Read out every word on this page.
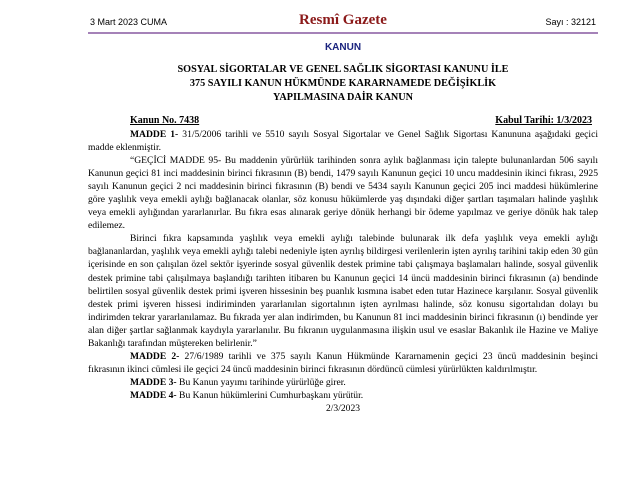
3 Mart 2023 CUMA	Resmî Gazete	Sayı : 32121
KANUN
SOSYAL SİGORTALAR VE GENEL SAĞLIK SİGORTASI KANUNU İLE
375 SAYILI KANUN HÜKMÜNDE KARARNAMEDE DEĞİŞİKLİK
YAPILMASINA DAİR KANUN
Kanun No. 7438	Kabul Tarihi: 1/3/2023

MADDE 1- 31/5/2006 tarihli ve 5510 sayılı Sosyal Sigortalar ve Genel Sağlık Sigortası Kanununa aşağıdaki geçici madde eklenmiştir.

“GEÇİCİ MADDE 95- Bu maddenin yürürlük tarihinden sonra aylık bağlanması için talepte bulunanlardan 506 sayılı Kanunun geçici 81 inci maddesinin birinci fıkrasının (B) bendi, 1479 sayılı Kanunun geçici 10 uncu maddesinin ikinci fıkrası, 2925 sayılı Kanunun geçici 2 nci maddesinin birinci fıkrasının (B) bendi ve 5434 sayılı Kanunun geçici 205 inci maddesi hükümlerine göre yaşlılık veya emekli aylığı bağlanacak olanlar, söz konusu hükümlerde yaş dışındaki diğer şartları taşımaları halinde yaşlılık veya emekli aylığından yararlanırlar. Bu fıkra esas alınarak geriye dönük herhangi bir ödeme yapılmaz ve geriye dönük hak talep edilemez.

Birinci fıkra kapsamında yaşlılık veya emekli aylığı talebinde bulunarak ilk defa yaşlılık veya emekli aylığı bağlananlardan, yaşlılık veya emekli aylığı talebi nedeniyle işten ayrılış bildirgesi verilenlerin işten ayrılış tarihini takip eden 30 gün içerisinde en son çalışılan özel sektör işyerinde sosyal güvenlik destek primine tabi çalışmaya başlamaları halinde, sosyal güvenlik destek primine tabi çalışılmaya başlandığı tarihten itibaren bu Kanunun geçici 14 üncü maddesinin birinci fıkrasının (a) bendinde belirtilen sosyal güvenlik destek primi işveren hissesinin beş puanlık kısmına isabet eden tutar Hazinece karşılanır. Sosyal güvenlik destek primi işveren hissesi indiriminden yararlanılan sigortalının işten ayrılması halinde, söz konusu sigortalıdan dolayı bu indirimden tekrar yararlanılamaz. Bu fıkrada yer alan indirimden, bu Kanunun 81 inci maddesinin birinci fıkrasının (ı) bendinde yer alan diğer şartlar sağlanmak kaydıyla yararlanılır. Bu fıkranın uygulanmasına ilişkin usul ve esaslar Bakanlık ile Hazine ve Maliye Bakanlığı tarafından müştereken belirlenir.”

MADDE 2- 27/6/1989 tarihli ve 375 sayılı Kanun Hükmünde Kararnamenin geçici 23 üncü maddesinin beşinci fıkrasının ikinci cümlesi ile geçici 24 üncü maddesinin birinci fıkrasının dördüncü cümlesi yürürlükten kaldırılmıştır.

MADDE 3- Bu Kanun yayımı tarihinde yürürlüğe girer.

MADDE 4- Bu Kanun hükümlerini Cumhurbaşkanı yürütür.

2/3/2023
